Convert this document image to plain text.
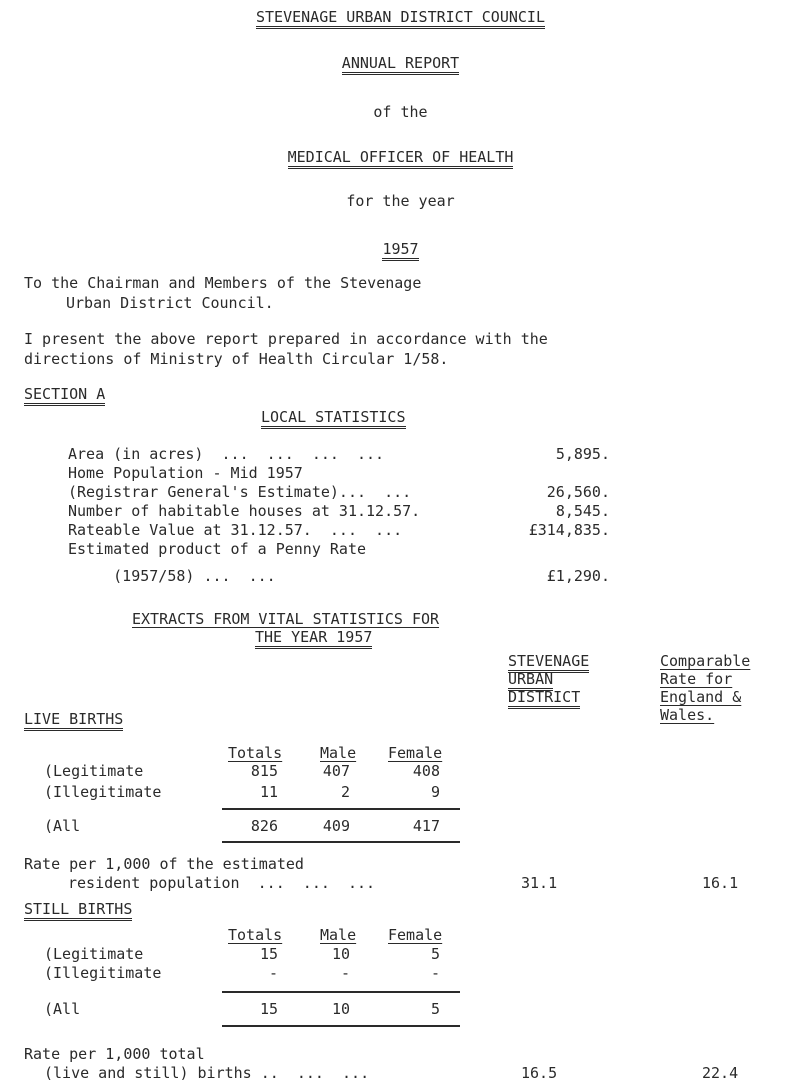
STEVENAGE URBAN DISTRICT COUNCIL
ANNUAL REPORT
of the
MEDICAL OFFICER OF HEALTH
for the year
1957
To the Chairman and Members of the Stevenage
Urban District Council.
I present the above report prepared in accordance with the
directions of Ministry of Health Circular 1/58.
SECTION A
LOCAL STATISTICS
Area (in acres)  ...  ...  ...  ...	5,895.
Home Population - Mid 1957
(Registrar General's Estimate)...  ...	26,560.
Number of habitable houses at 31.12.57.	8,545.
Rateable Value at 31.12.57.  ...  ...	£314,835.
Estimated product of a Penny Rate
(1957/58) ...  ...	£1,290.
EXTRACTS FROM VITAL STATISTICS FOR
THE YEAR 1957
STEVENAGE
URBAN
DISTRICT
Comparable
Rate for
England &
Wales.
LIVE BIRTHS
Totals	Male Female
(Legitimate	815	407	408
(Illegitimate	11	2	9
(All	826	409	417
Rate per 1,000 of the estimated
resident population  ...  ...  ...	31.1	16.1
STILL BIRTHS
Totals	Male Female
(Legitimate	15	10	5
(Illegitimate	-	-	-
(All	15	10	5
Rate per 1,000 total
(live and still) births ..  ...  ...	16.5	22.4
